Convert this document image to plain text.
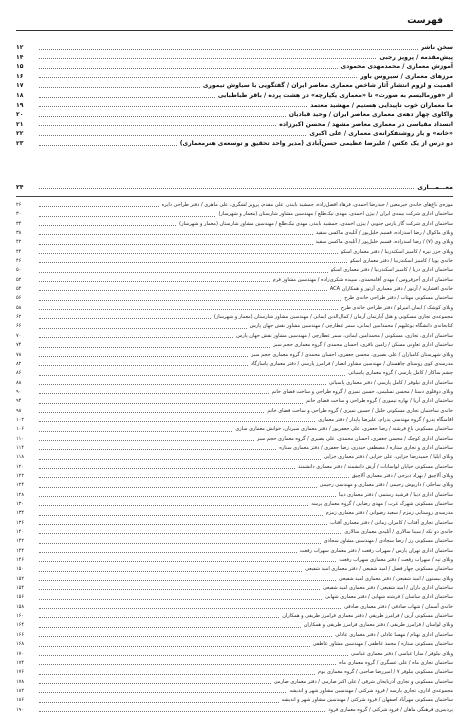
فهرست
سخن ناشر
۱۲
پیش‌مقدمه / پرویز رجبی
۱۴
آموزش معماری / محمدمهدی محمودی
۱۵
مرزهای معماری / سیروس باور
۱۶
اهمیت و لزوم انتشار آثار شاخص معماری معاصر ایران / گفتگویی با سیاوش تیموری
۱۷
از «فورمالیسم به صورت» تا «معماری یکپارچه» در هشت پرده / باقر طباطبایی
۱۸
ما معماران خوب ناپیدایی هستیم / مهشید معتمد
۱۹
واکاوی چهار دهه‌ی معماری معاصر ایران / وحید قبادیان
۲۰
انسداد مقیاسی در معماری معاصر مشهد / محسن اکبرزاده
۲۱
«خانه» و بار روشنفکرانه‌ی معماری / علی اکبری
۲۲
دو درس از یک عکس / علیرضا عظیمی حسن‌آبادی (مدیر واحد تحقیق و توسعه‌ی هنرمعماری)
۲۳
معـــمـــاری
۲۴
موزه‌ی باغ‌های خانه‌ی خبرمعین / حیدرضا احمدی، فرهاد افضل‌زاده، جمشید بایندر، علی مقدم، پرویز لشگری، علی ماهری / دفتر طراحی دایره
۲۶
ساختمان اداری شرکت بیمه‌ی ایران / بیژن احمدی، مهدی نیک‌طلع / مهندسین مشاور شارستان (معمار و شهرساز)
۳۰
ساختمان اداری شرکت گاز پارس جنوبی / بیژن احمدی، جمشید بایندر، مهدی نیک‌طلع / مهندسین مشاور شارستان (معمار و شهرساز)
۳۴
ویلای ماکوال / رضا اسدزاده، قسیم خلیل‌پور / آتلیه‌ی ماکسن سقید
۳۸
ویلای وی (۷) / رضا اسدزاده، قسیم خلیل‌پور / آتلیه‌ی ماکسن سقید
۴۲
ویلای خزر تیره / کامبیز اسکندرنیا / دفتر معماری اسکو
۴۴
خانه‌ی پویا / کامبیز اسکندرنیا / دفتر معماری اسکو
۴۶
ساختمان اداری دریا / کامبیز اسکندرنیا / دفتر معماری اسکو
۵۰
ساختمان اداری آجزفروس / مهدی آقامحمدی، سپیده شکری‌زاده / مهندسین مشاور فرم
۵۲
خانه‌ی افشاریه / آرتور / دفتر معماری آرتور و همکاران ACA
۵۴
ساختمان مسکونی مهتاب / دفتر طراحی خانه‌ی طرح
۵۶
ویلای کوشک / ایمان امیرلو / دفتر طراحی خانه‌ی طرح
۵۸
مجموعه‌ی تجاری مسکونی و هتل آپارتمان آرمان / کمال‌الدین ایمانی / مهندسین مشاور شارستان (معمار و شهرساز)
۶۲
کتابخانه‌ی دانشگاه بوعلیهم / محمدامین ایمانی، سمر عطارچی / مهندسین مشاور نقش جهان پارس
۶۶
ساختمان اداری، تجاری، مسکونی / محمدامین ایمانی، سمر عطارچی / مهندسین مشاور نقش جهان پارس
۷۰
ساختمان اداری تعاونی مسکن / رامین باقری، احسان محمدی / گروه معماری حجم سبز
۷۴
ویلای شهرستان کامیاران / علی بصیری، محسن جعفری، احسان محمدی / گروه معماری حجم سبز
۷۸
مدرسه‌ی کوی روستای چاهستان / مهندسین مشاور انصار / فرامرز پارسی / دفتر معماری پاسارگاد
۸۲
چشم ساکار / کامل پارسی / گروه معماری پاسیاتی
۸۶
ساختمان اداری نیلوفر / کامل پارسی / دفتر معماری پاسیاتی
۸۸
ویلای دوقلوی دستا / محسن تسلیمی، حسین تمیزی / گروه طراحی و ساخت فضای خانم
۹۰
ساختمان اداری آریا / بهاره تیموری / گروه طراحی و ساخت فضای خانم
۹۴
خانه‌ی ساختمان تجاری مسکونی خلیل / حسین تمیزی / گروه طراحی و ساخت فضای خانم
۹۸
اقامتگاه پدرو / گروه مهندسی پدرام، علیرضا پایدار / دفتر معماری
۱۰۲
ساختمان مسکونی باغ فرشته / رضا جعفری، علی جعفرپور / دفتر معماری سیرتان، خوانش معماری سازی
۱۰۶
ساختمان اداری کوچک / محسن جعفری، احسان محمدی، علی بصیری / گروه معماری حجم سبز
۱۱۰
ساختمان اداری و تجاری ستاره / مصطفی حیدری، رضا جعفری / دفتر معماری ستاره
۱۱۴
ویلای ایلیا / حمیدرضا خزایی، علی خزایی / دفتر معماری خزایی
۱۱۸
ساختمان مسکونی خیابان لواسانات / آرش دانشمند / دفتر معماری دانشمند
۱۲۰
ویلای آلاچیق / بهزاد دیزجی / دفتر معماری آلاچیق
۱۲۲
ویلای ساحلی / داریوش رحیمی / دفتر معماری و مهندسی رحیمی
۱۲۴
ساختمان اداری دیبا / فرشید رستمی / دفتر معماری دیبا
۱۲۸
ساختمان مسکونی شهرک غرب / مهدی رضایی / گروه معماری پرسه
۱۳۰
مدرسه‌ی روستایی زمزم / سعید رضوانی / دفتر معماری زمزم
۱۳۴
ساختمان تجاری آفتاب / کامران زمانی / دفتر معماری آفتاب
۱۳۶
خانه‌ی دو تکه / سینا سالاری / آتلیه‌ی معماری سالاری
۱۴۰
ساختمان مسکونی رز / رضا سجادی / مهندسین مشاور سجادی
۱۴۲
ساختمان اداری تهران پارس / سهراب رفعت / دفتر معماری سهراب رفعت
۱۴۴
ویلای تپه / سهراب رفعت / دفتر معماری سهراب رفعت
۱۴۶
ساختمان مسکونی چهار فصل / امید شفیعی / دفتر معماری امید شفیعی
۱۵۰
ویلای بیستون / امید شفیعی / دفتر معماری امید شفیعی
۱۵۲
ساختمان اداری باران / امید شفیعی / دفتر معماری امید شفیعی
۱۵۴
ساختمان اداری ساسان / فرشته شهابی / دفتر معماری شهابی
۱۵۶
خانه‌ی آسمان / شهاب صادقی / دفتر معماری صادقی
۱۵۸
ساختمان مسکونی آرین / فرامرز طریقی / دفتر معماری فرامرز طریقی و همکاران
۱۶۰
ویلای لواسان / فرامرز طریقی / دفتر معماری فرامرز طریقی و همکاران
۱۶۴
ساختمان اداری بهنام / مهسا عادلی / دفتر معماری عادلی
۱۶۶
ساختمان مسکونی ستاره / محمد عاطفی / مهندسین مشاور عاطفی
۱۶۸
ویلای نیلوفر / سارا عباسی / دفتر معماری عباسی
۱۷۰
ساختمان تجاری ماه / علی عسگری / گروه معماری ماه
۱۷۴
ساختمان مسکونی نیلوفر ۷ / امیررضا صاحبی / گروه معماری بوم
۱۷۶
ساختمان مسکونی و تجاری آذربایجان شرقی / علی اکبر صارمی / دفتر معماری صارمی
۱۷۸
مجموعه‌ی اداری، تجاری پارسه / فرود شرکتی / مهندسین مشاور شهر و اندیشه
۱۸۲
ساختمان مسکونی مهرآباد اصفهان / فرود شرکتی / مهندسین مشاور شهر و اندیشه
۱۸۶
پردیس‌ی فرهنگی ماهان / فرود شرکتی / گروه معماری فرود
۱۹۰
